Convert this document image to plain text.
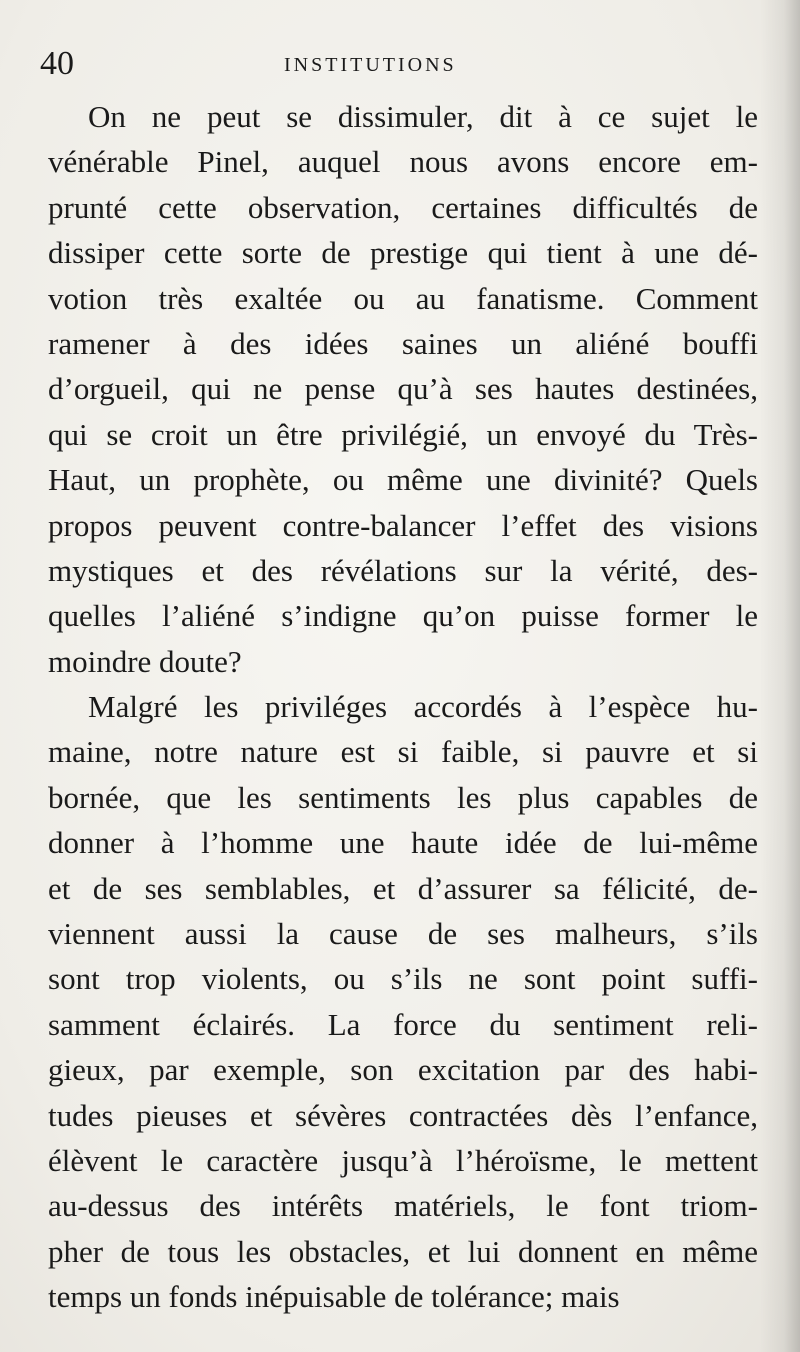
40	INSTITUTIONS
On ne peut se dissimuler, dit à ce sujet le
vénérable Pinel, auquel nous avons encore em-
prunté cette observation, certaines difficultés de
dissiper cette sorte de prestige qui tient à une dé-
votion très exaltée ou au fanatisme. Comment
ramener à des idées saines un aliéné bouffi
d’orgueil, qui ne pense qu’à ses hautes destinées,
qui se croit un être privilégié, un envoyé du Très-
Haut, un prophète, ou même une divinité? Quels
propos peuvent contre-balancer l’effet des visions
mystiques et des révélations sur la vérité, des-
quelles l’aliéné s’indigne qu’on puisse former le
moindre doute?
Malgré les priviléges accordés à l’espèce hu-
maine, notre nature est si faible, si pauvre et si
bornée, que les sentiments les plus capables de
donner à l’homme une haute idée de lui-même
et de ses semblables, et d’assurer sa félicité, de-
viennent aussi la cause de ses malheurs, s’ils
sont trop violents, ou s’ils ne sont point suffi-
samment éclairés. La force du sentiment reli-
gieux, par exemple, son excitation par des habi-
tudes pieuses et sévères contractées dès l’enfance,
élèvent le caractère jusqu’à l’héroïsme, le mettent
au-dessus des intérêts matériels, le font triom-
pher de tous les obstacles, et lui donnent en même
temps un fonds inépuisable de tolérance; mais
